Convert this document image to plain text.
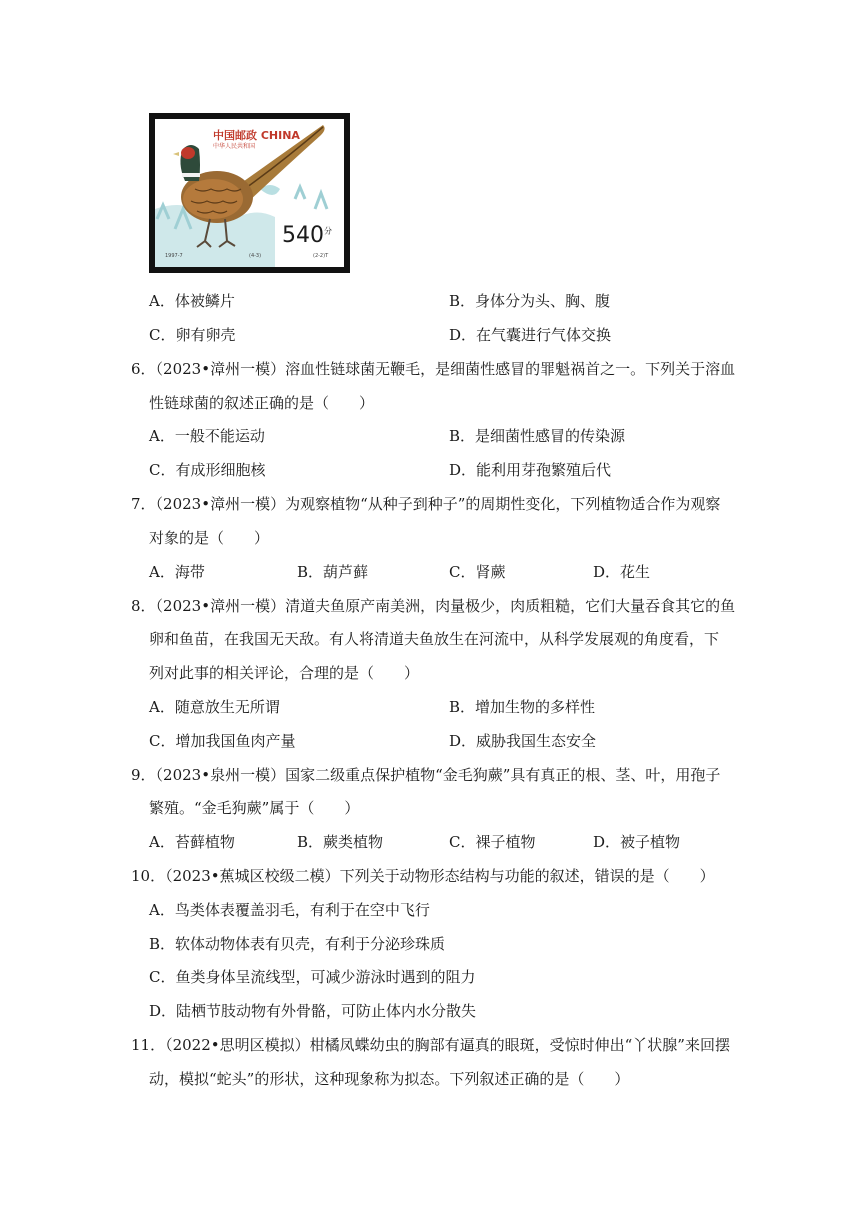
中国邮政 CHINA
中华人民共和国
$540^分$
1997-7	(4-3)	(2-2)T
A．体被鳞片	B．身体分为头、胸、腹
C．卵有卵壳	D．在气囊进行气体交换
6．（2023•漳州一模）溶血性链球菌无鞭毛，是细菌性感冒的罪魁祸首之一。下列关于溶血
性链球菌的叙述正确的是（　　）
A．一般不能运动	B．是细菌性感冒的传染源
C．有成形细胞核	D．能利用芽孢繁殖后代
7．（2023•漳州一模）为观察植物“从种子到种子”的周期性变化，下列植物适合作为观察
对象的是（　　）
A．海带	B．葫芦藓	C．肾蕨	D．花生
8．（2023•漳州一模）清道夫鱼原产南美洲，肉量极少，肉质粗糙，它们大量吞食其它的鱼
卵和鱼苗，在我国无天敌。有人将清道夫鱼放生在河流中，从科学发展观的角度看，下
列对此事的相关评论，合理的是（　　）
A．随意放生无所谓	B．增加生物的多样性
C．增加我国鱼肉产量	D．威胁我国生态安全
9．（2023•泉州一模）国家二级重点保护植物“金毛狗蕨”具有真正的根、茎、叶，用孢子
繁殖。“金毛狗蕨”属于（　　）
A．苔藓植物	B．蕨类植物	C．裸子植物	D．被子植物
10．（2023•蕉城区校级二模）下列关于动物形态结构与功能的叙述，错误的是（　　）
A．鸟类体表覆盖羽毛，有利于在空中飞行
B．软体动物体表有贝壳，有利于分泌珍珠质
C．鱼类身体呈流线型，可减少游泳时遇到的阻力
D．陆栖节肢动物有外骨骼，可防止体内水分散失
11．（2022•思明区模拟）柑橘凤蝶幼虫的胸部有逼真的眼斑，受惊时伸出“丫状腺”来回摆
动，模拟“蛇头”的形状，这种现象称为拟态。下列叙述正确的是（　　）
